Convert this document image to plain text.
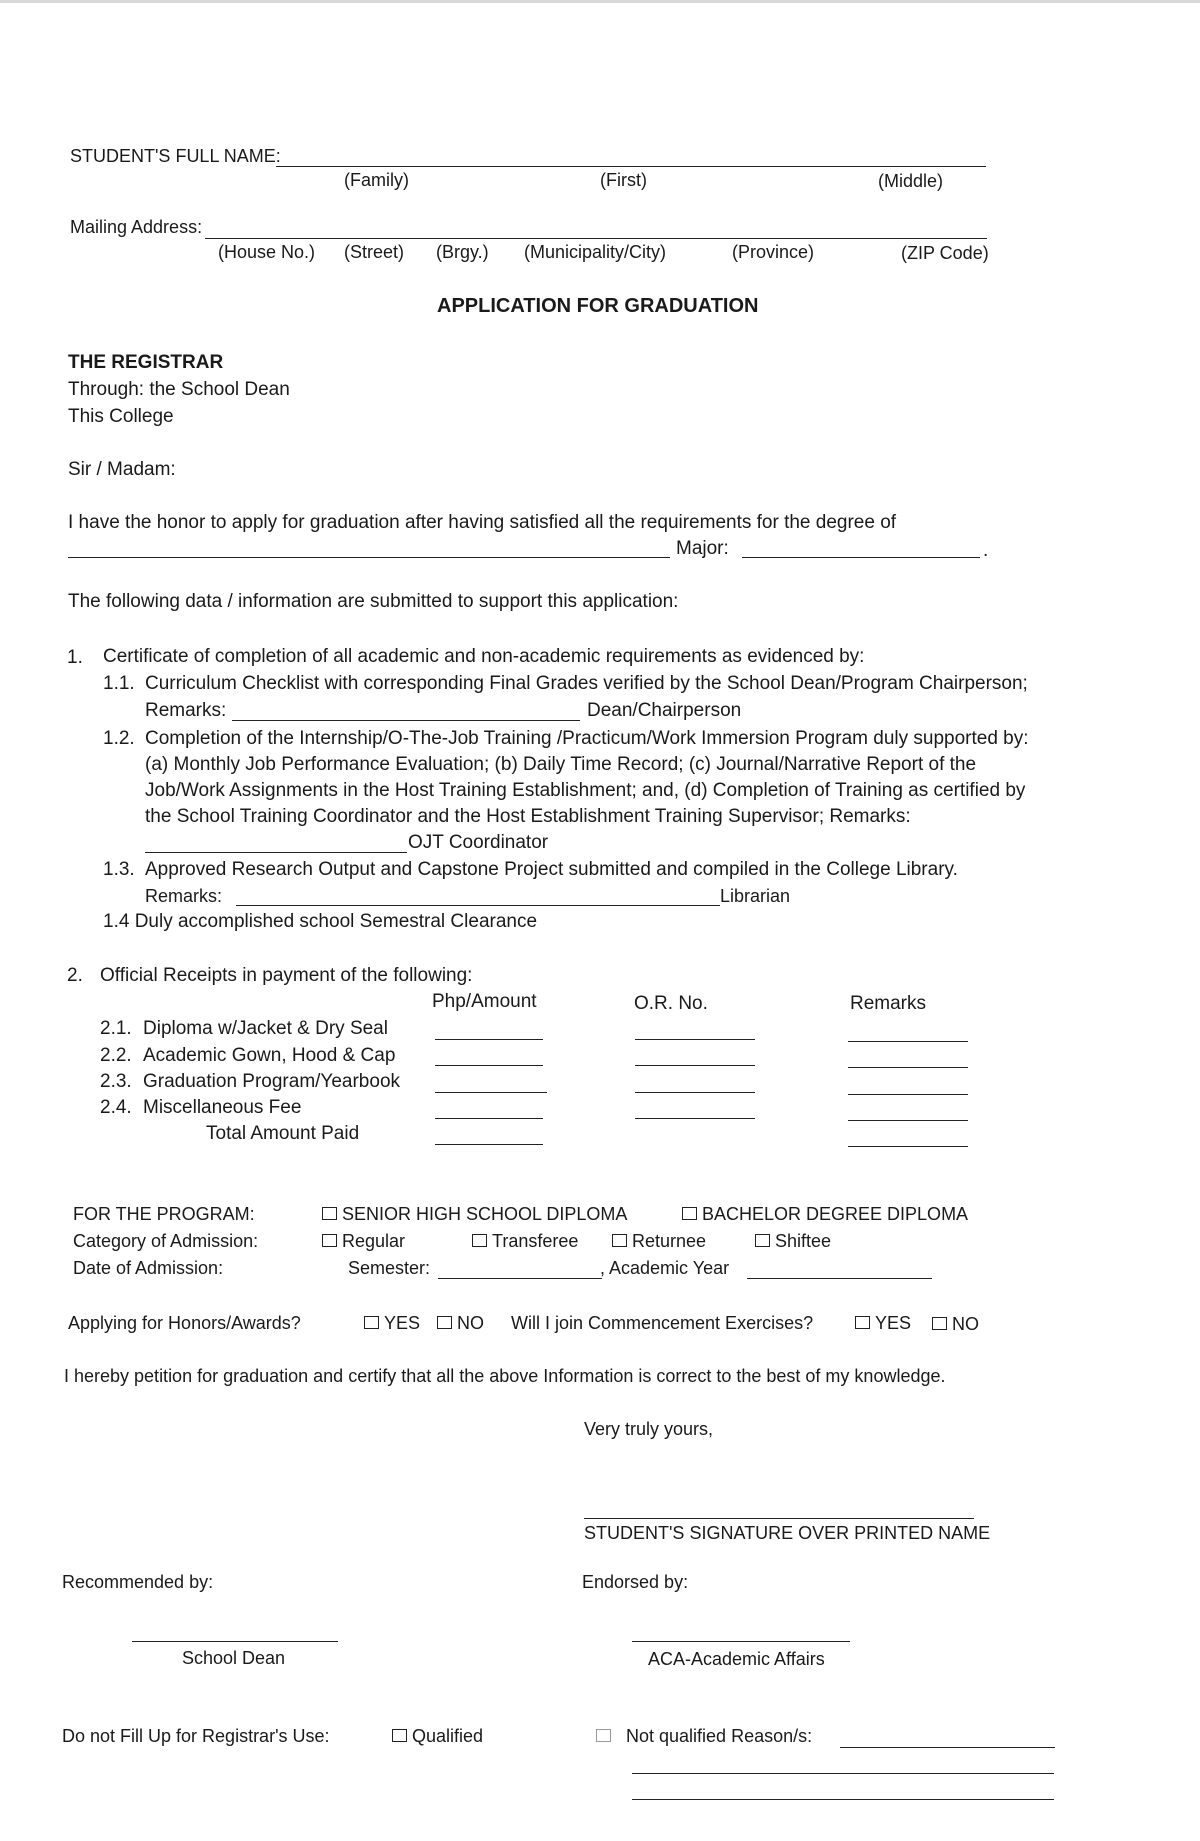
STUDENT'S FULL NAME:
(Family)	(First)	(Middle)
Mailing Address:
(House No.) (Street) (Brgy.) (Municipality/City)	(Province)	(ZIP Code)
APPLICATION FOR GRADUATION
THE REGISTRAR
Through: the School Dean
This College
Sir / Madam:
I have the honor to apply for graduation after having satisfied all the requirements for the degree of
Major:	.
The following data / information are submitted to support this application:
1. Certificate of completion of all academic and non-academic requirements as evidenced by:
1.1. Curriculum Checklist with corresponding Final Grades verified by the School Dean/Program Chairperson;
Remarks:	Dean/Chairperson
1.2. Completion of the Internship/O-The-Job Training /Practicum/Work Immersion Program duly supported by:
(a) Monthly Job Performance Evaluation; (b) Daily Time Record; (c) Journal/Narrative Report of the
Job/Work Assignments in the Host Training Establishment; and, (d) Completion of Training as certified by
the School Training Coordinator and the Host Establishment Training Supervisor; Remarks:
OJT Coordinator
1.3. Approved Research Output and Capstone Project submitted and compiled in the College Library.
Remarks:	Librarian
1.4 Duly accomplished school Semestral Clearance
2. Official Receipts in payment of the following:
Php/Amount	O.R. No.	Remarks
2.1. Diploma w/Jacket & Dry Seal
2.2. Academic Gown, Hood & Cap
2.3. Graduation Program/Yearbook
2.4. Miscellaneous Fee
Total Amount Paid
FOR THE PROGRAM:	SENIOR HIGH SCHOOL DIPLOMA	BACHELOR DEGREE DIPLOMA
Category of Admission:	Regular	Transferee	Returnee	Shiftee
Date of Admission:	Semester:	, Academic Year
Applying for Honors/Awards?	YES	NO Will I join Commencement Exercises?	YES	NO
I hereby petition for graduation and certify that all the above Information is correct to the best of my knowledge.
Very truly yours,
STUDENT'S SIGNATURE OVER PRINTED NAME
Recommended by:	Endorsed by:
School Dean	ACA-Academic Affairs
Do not Fill Up for Registrar's Use:	Qualified	Not qualified Reason/s:
